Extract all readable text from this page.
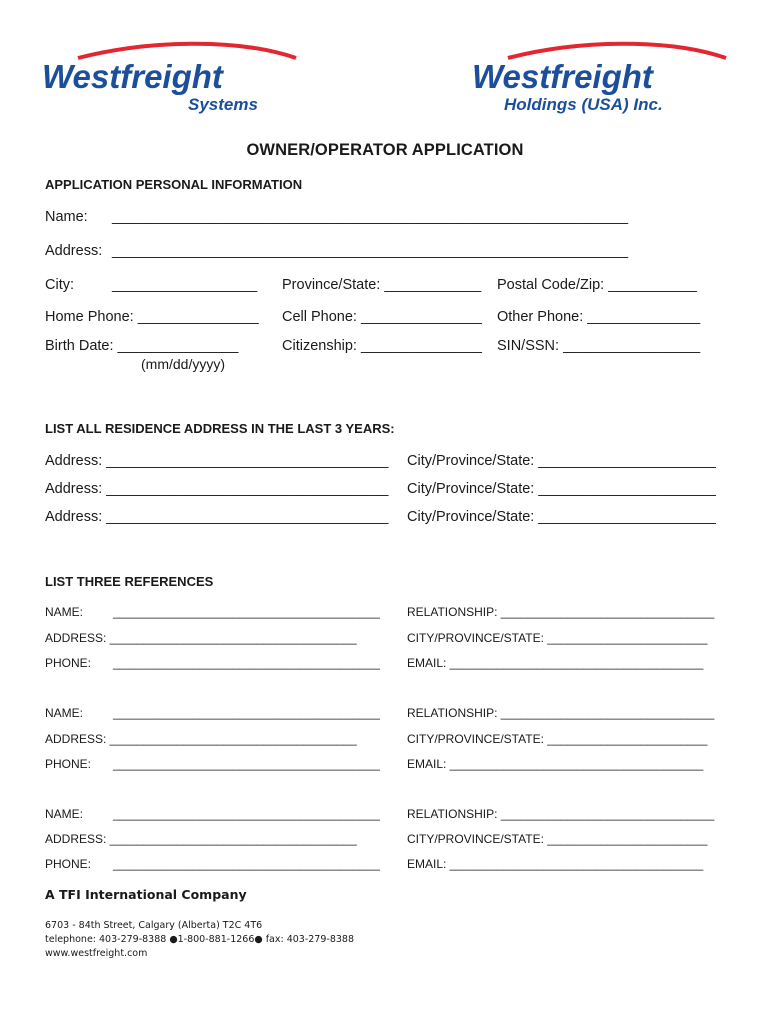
Westfreight
Systems
Westfreight
Holdings (USA) Inc.
OWNER/OPERATOR APPLICATION
APPLICATION PERSONAL INFORMATION
Name: ________________________________________________________________
Address: ________________________________________________________________
City:	__________________ Province/State: ____________ Postal Code/Zip: ___________
Home Phone: _______________ Cell Phone: _______________ Other Phone: ______________
Birth Date: _______________	Citizenship: _______________ SIN/SSN: _________________
(mm/dd/yyyy)
LIST ALL RESIDENCE ADDRESS IN THE LAST 3 YEARS:
Address: ___________________________________ City/Province/State: ______________________
Address: ___________________________________ City/Province/State: ______________________
Address: ___________________________________ City/Province/State: ______________________
LIST THREE REFERENCES
NAME: ________________________________________ RELATIONSHIP: ________________________________
ADDRESS: _____________________________________	CITY/PROVINCE/STATE: ________________________
PHONE: ________________________________________ EMAIL: ______________________________________
NAME: ________________________________________ RELATIONSHIP: ________________________________
ADDRESS: _____________________________________	CITY/PROVINCE/STATE: ________________________
PHONE: ________________________________________ EMAIL: ______________________________________
NAME: ________________________________________ RELATIONSHIP: ________________________________
ADDRESS: _____________________________________	CITY/PROVINCE/STATE: ________________________
PHONE: ________________________________________ EMAIL: ______________________________________
A TFI International Company
6703 - 84th Street, Calgary (Alberta) T2C 4T6
telephone: 403-279-8388 ●1-800-881-1266● fax: 403-279-8388
www.westfreight.com
